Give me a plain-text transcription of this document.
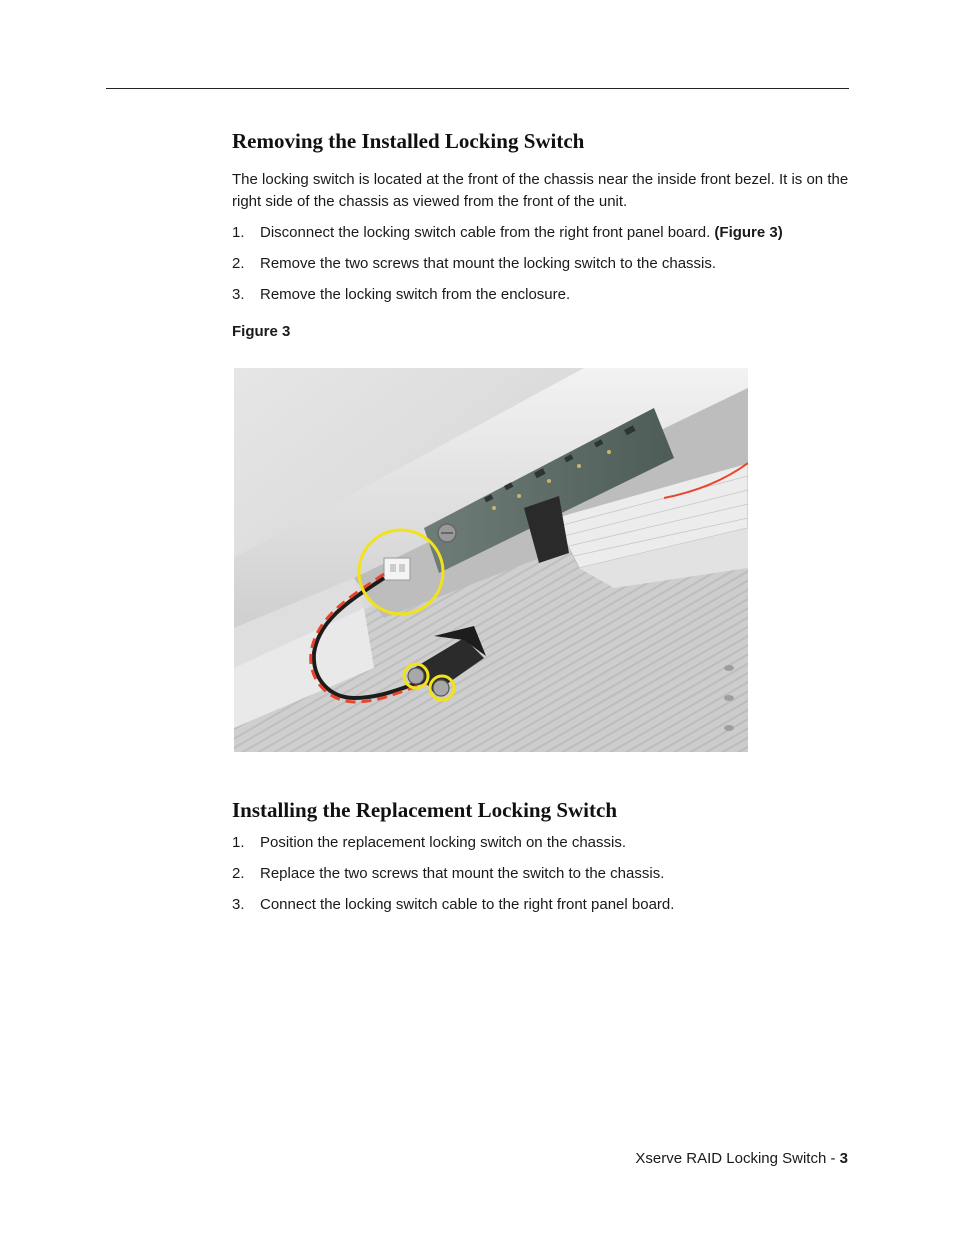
Removing the Installed Locking Switch

The locking switch is located at the front of the chassis near the inside front bezel. It is on the right side of the chassis as viewed from the front of the unit.

1. Disconnect the locking switch cable from the right front panel board. (Figure 3)
2. Remove the two screws that mount the locking switch to the chassis.
3. Remove the locking switch from the enclosure.
Figure 3
Installing the Replacement Locking Switch
1. Position the replacement locking switch on the chassis.
2. Replace the two screws that mount the switch to the chassis.
3. Connect the locking switch cable to the right front panel board.
Xserve RAID Locking Switch - 3
